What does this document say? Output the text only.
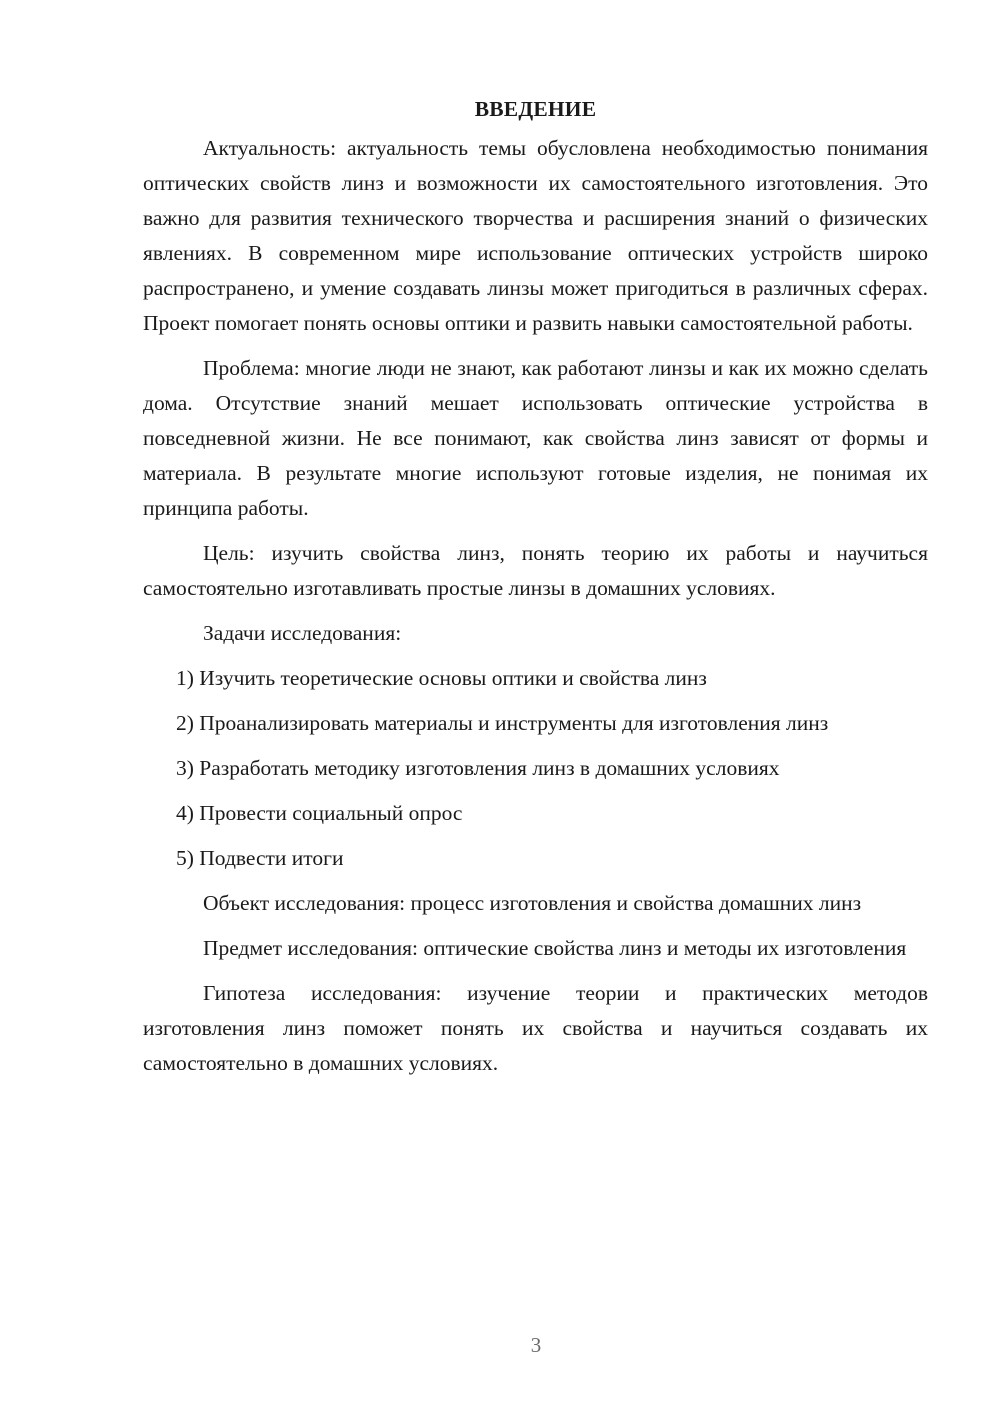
ВВЕДЕНИЕ

Актуальность: актуальность темы обусловлена необходимостью понимания оптических свойств линз и возможности их самостоятельного изготовления. Это важно для развития технического творчества и расширения знаний о физических явлениях. В современном мире использование оптических устройств широко распространено, и умение создавать линзы может пригодиться в различных сферах. Проект помогает понять основы оптики и развить навыки самостоятельной работы.

Проблема: многие люди не знают, как работают линзы и как их можно сделать дома. Отсутствие знаний мешает использовать оптические устройства в повседневной жизни. Не все понимают, как свойства линз зависят от формы и материала. В результате многие используют готовые изделия, не понимая их принципа работы.

Цель: изучить свойства линз, понять теорию их работы и научиться самостоятельно изготавливать простые линзы в домашних условиях.

Задачи исследования:

1) Изучить теоретические основы оптики и свойства линз

2) Проанализировать материалы и инструменты для изготовления линз

3) Разработать методику изготовления линз в домашних условиях

4) Провести социальный опрос

5) Подвести итоги

Объект исследования: процесс изготовления и свойства домашних линз

Предмет исследования: оптические свойства линз и методы их изготовления

Гипотеза исследования: изучение теории и практических методов изготовления линз поможет понять их свойства и научиться создавать их самостоятельно в домашних условиях.

3
